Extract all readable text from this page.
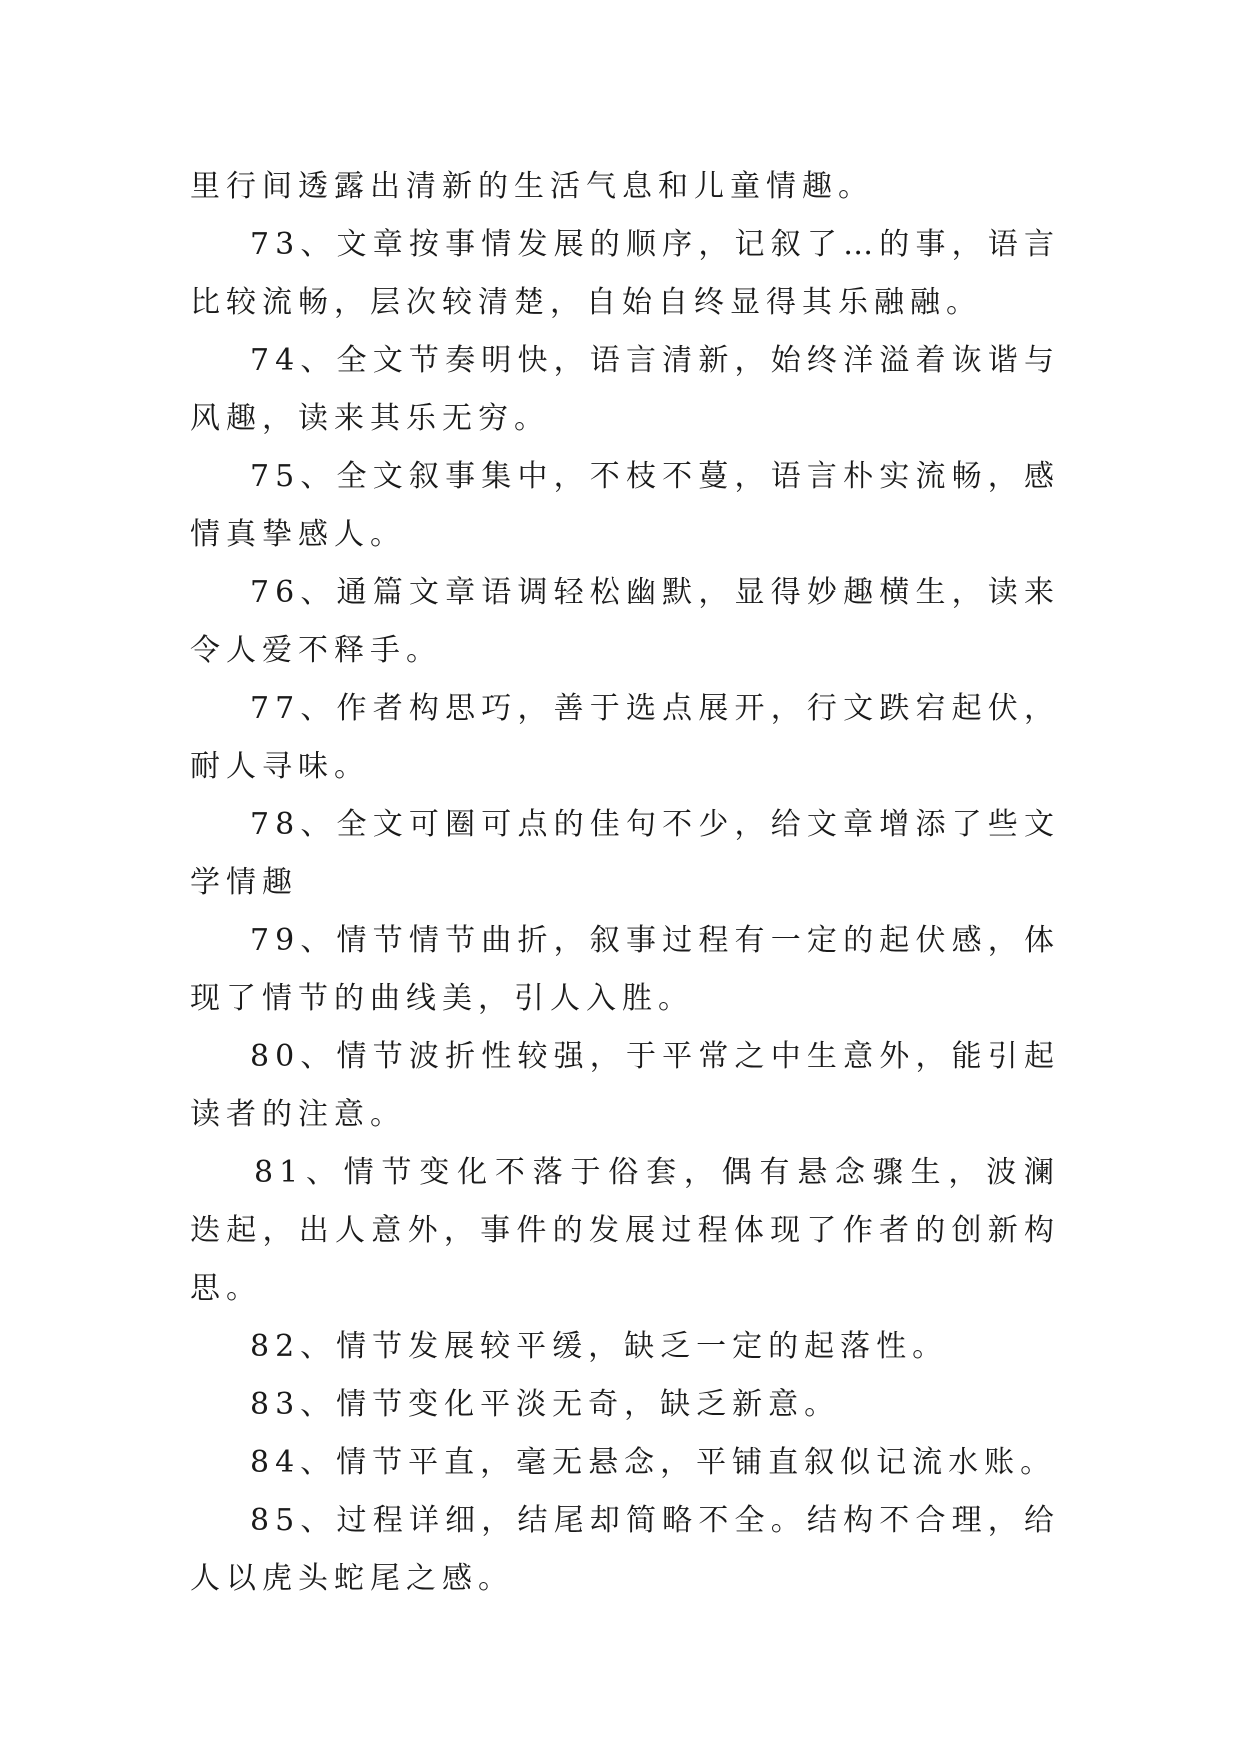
里行间透露出清新的生活气息和儿童情趣。

73、文章按事情发展的顺序，记叙了…的事，语言比较流畅，层次较清楚，自始自终显得其乐融融。

74、全文节奏明快，语言清新，始终洋溢着诙谐与风趣，读来其乐无穷。

75、全文叙事集中，不枝不蔓，语言朴实流畅，感情真挚感人。

76、通篇文章语调轻松幽默，显得妙趣横生，读来令人爱不释手。

77、作者构思巧，善于选点展开，行文跌宕起伏，耐人寻味。

78、全文可圈可点的佳句不少，给文章增添了些文学情趣

79、情节情节曲折，叙事过程有一定的起伏感，体现了情节的曲线美，引人入胜。

80、情节波折性较强，于平常之中生意外，能引起读者的注意。

81、情节变化不落于俗套，偶有悬念骤生，波澜迭起，出人意外，事件的发展过程体现了作者的创新构思。

82、情节发展较平缓，缺乏一定的起落性。

83、情节变化平淡无奇，缺乏新意。

84、情节平直，毫无悬念，平铺直叙似记流水账。

85、过程详细，结尾却简略不全。结构不合理，给人以虎头蛇尾之感。
